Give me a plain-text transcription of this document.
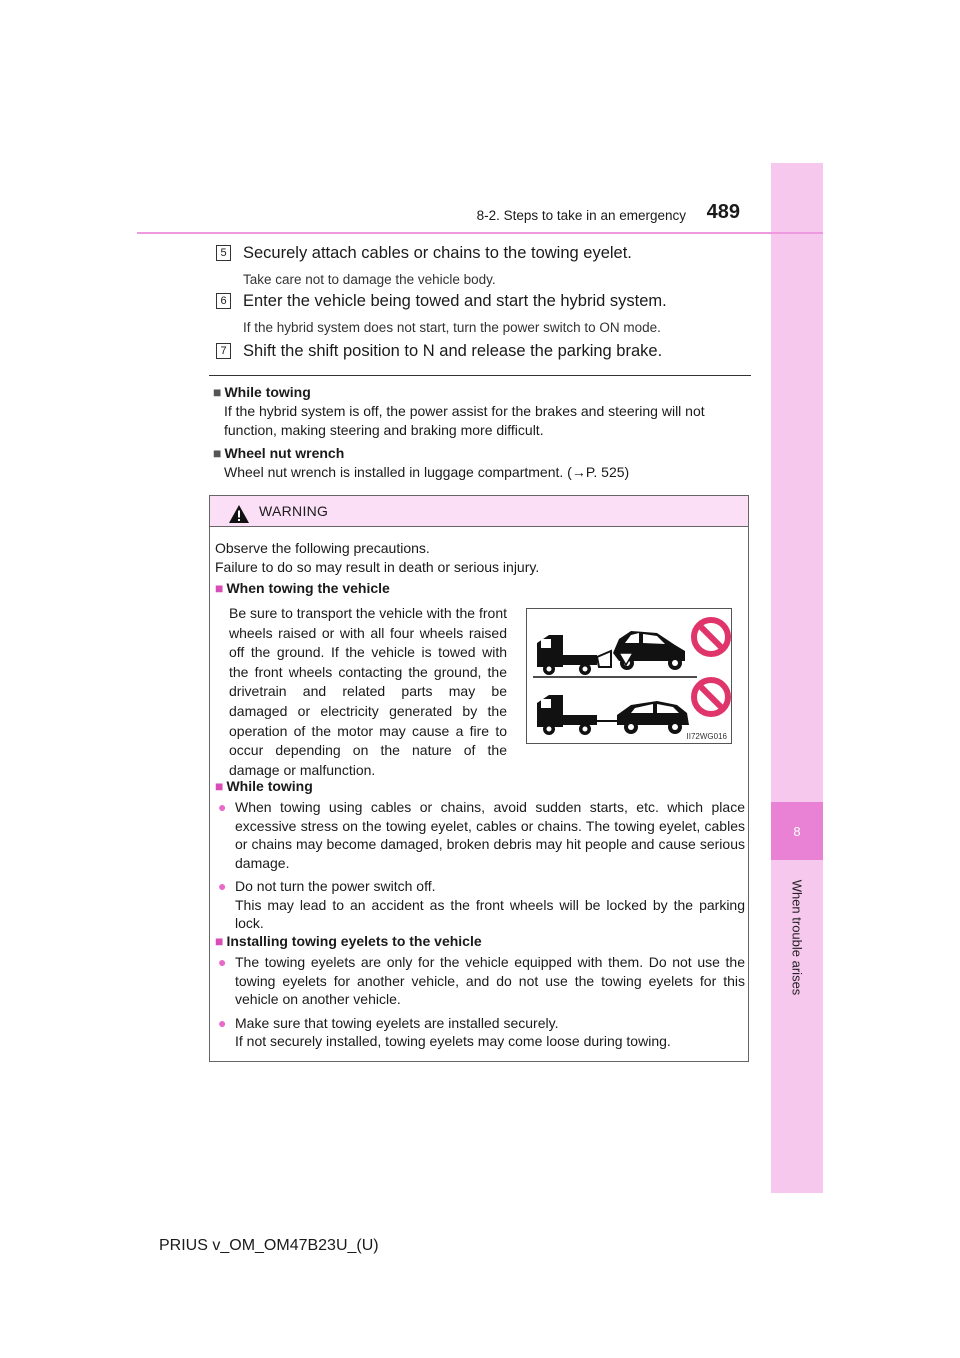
8
When trouble arises
8-2. Steps to take in an emergency	489
5 Securely attach cables or chains to the towing eyelet.
Take care not to damage the vehicle body.
6 Enter the vehicle being towed and start the hybrid system.
If the hybrid system does not start, turn the power switch to ON mode.
7 Shift the shift position to N and release the parking brake.
■ While towing
If the hybrid system is off, the power assist for the brakes and steering will not function, making steering and braking more difficult.
■ Wheel nut wrench
Wheel nut wrench is installed in luggage compartment. (→P. 525)
WARNING
Observe the following precautions.
Failure to do so may result in death or serious injury.
■ When towing the vehicle
Be sure to transport the vehicle with the front wheels raised or with all four wheels raised off the ground. If the vehicle is towed with the front wheels contacting the ground, the drivetrain and related parts may be damaged or electricity generated by the operation of the motor may cause a fire to occur depending on the nature of the damage or malfunction.
II72WG016
■ While towing
● When towing using cables or chains, avoid sudden starts, etc. which place excessive stress on the towing eyelet, cables or chains. The towing eyelet, cables or chains may become damaged, broken debris may hit people and cause serious damage.
● Do not turn the power switch off.
This may lead to an accident as the front wheels will be locked by the parking lock.
■ Installing towing eyelets to the vehicle
● The towing eyelets are only for the vehicle equipped with them. Do not use the towing eyelets for another vehicle, and do not use the towing eyelets for this vehicle on another vehicle.
● Make sure that towing eyelets are installed securely.
If not securely installed, towing eyelets may come loose during towing.
PRIUS v_OM_OM47B23U_(U)
